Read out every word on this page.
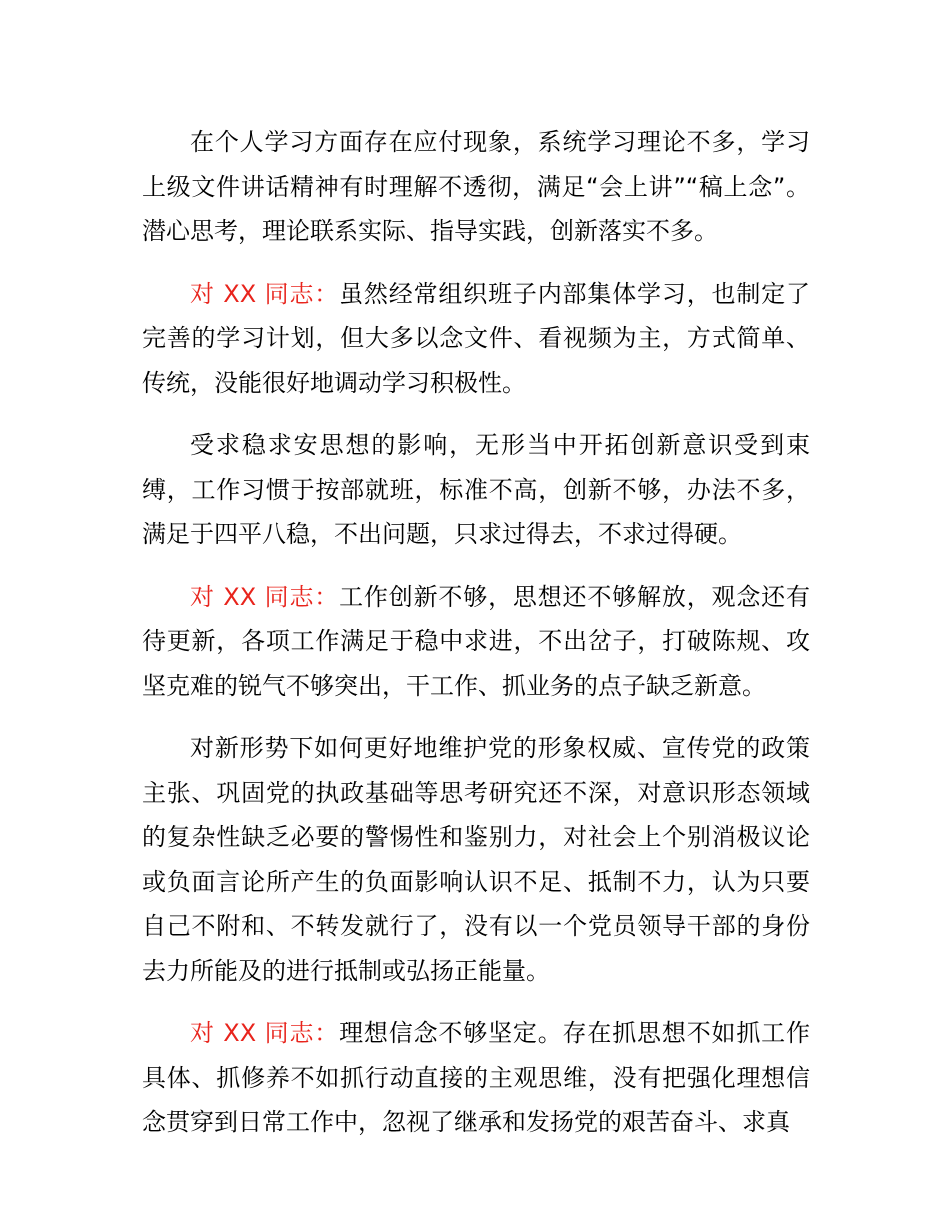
在个人学习方面存在应付现象，系统学习理论不多，学习上级文件讲话精神有时理解不透彻，满足“会上讲”“稿上念”。潜心思考，理论联系实际、指导实践，创新落实不多。

对 XX 同志：虽然经常组织班子内部集体学习，也制定了完善的学习计划，但大多以念文件、看视频为主，方式简单、传统，没能很好地调动学习积极性。

受求稳求安思想的影响，无形当中开拓创新意识受到束缚，工作习惯于按部就班，标准不高，创新不够，办法不多，满足于四平八稳，不出问题，只求过得去，不求过得硬。

对 XX 同志：工作创新不够，思想还不够解放，观念还有待更新，各项工作满足于稳中求进，不出岔子，打破陈规、攻坚克难的锐气不够突出，干工作、抓业务的点子缺乏新意。

对新形势下如何更好地维护党的形象权威、宣传党的政策主张、巩固党的执政基础等思考研究还不深，对意识形态领域的复杂性缺乏必要的警惕性和鉴别力，对社会上个别消极议论或负面言论所产生的负面影响认识不足、抵制不力，认为只要自己不附和、不转发就行了，没有以一个党员领导干部的身份去力所能及的进行抵制或弘扬正能量。

对 XX 同志：理想信念不够坚定。存在抓思想不如抓工作具体、抓修养不如抓行动直接的主观思维，没有把强化理想信念贯穿到日常工作中，忽视了继承和发扬党的艰苦奋斗、求真
